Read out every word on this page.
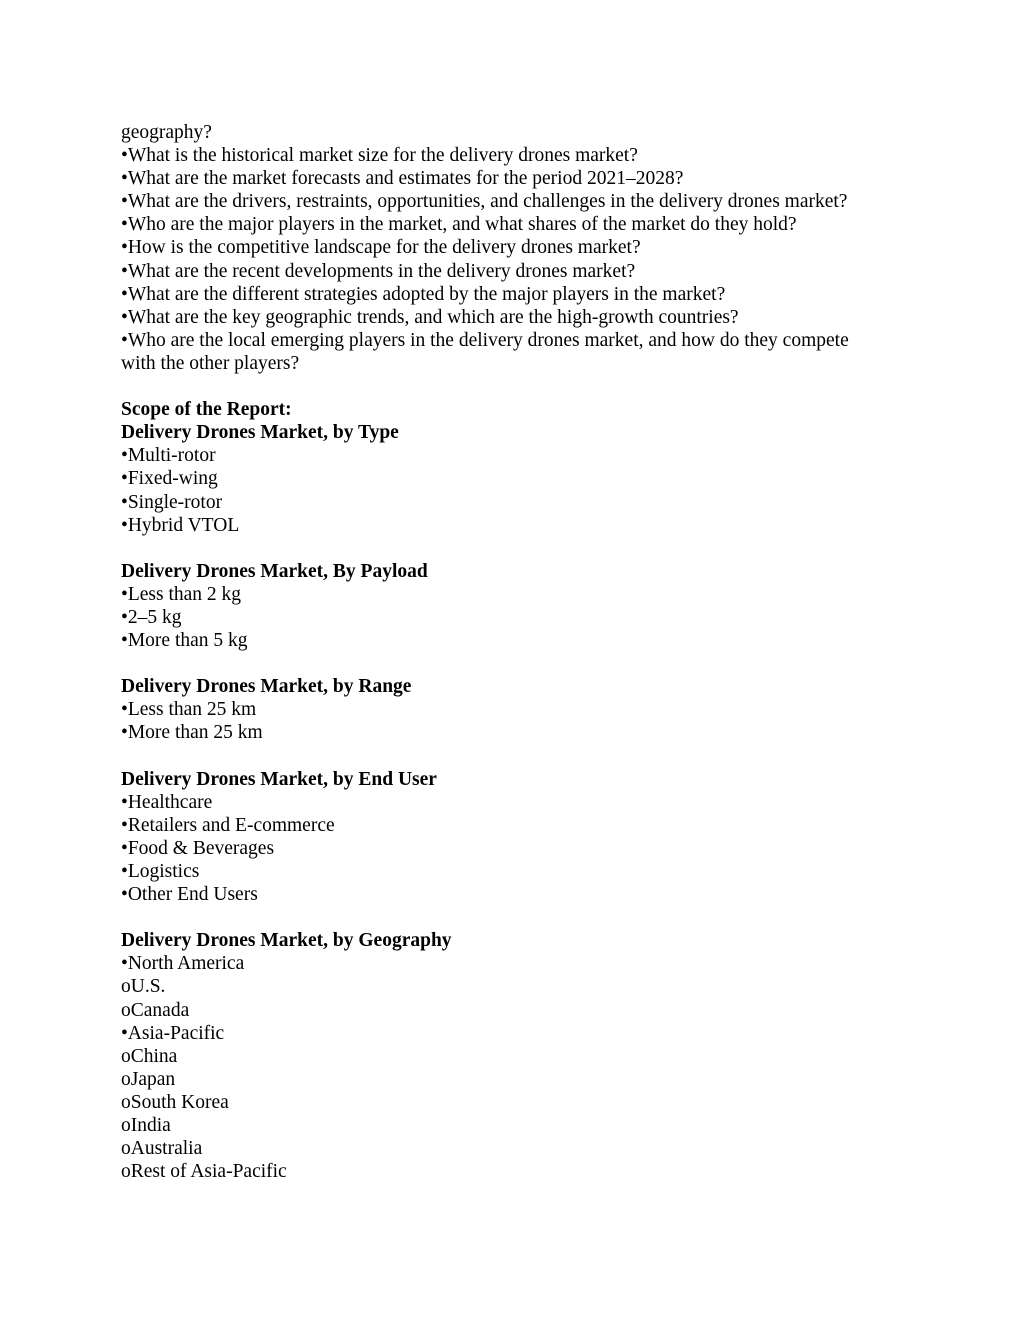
geography?

•What is the historical market size for the delivery drones market?

•What are the market forecasts and estimates for the period 2021–2028?

•What are the drivers, restraints, opportunities, and challenges in the delivery drones market?

•Who are the major players in the market, and what shares of the market do they hold?

•How is the competitive landscape for the delivery drones market?

•What are the recent developments in the delivery drones market?

•What are the different strategies adopted by the major players in the market?

•What are the key geographic trends, and which are the high-growth countries?

•Who are the local emerging players in the delivery drones market, and how do they compete

with the other players?

Scope of the Report:

Delivery Drones Market, by Type

•Multi-rotor

•Fixed-wing

•Single-rotor

•Hybrid VTOL

Delivery Drones Market, By Payload

•Less than 2 kg

•2–5 kg

•More than 5 kg

Delivery Drones Market, by Range

•Less than 25 km

•More than 25 km

Delivery Drones Market, by End User

•Healthcare

•Retailers and E-commerce

•Food & Beverages

•Logistics

•Other End Users

Delivery Drones Market, by Geography

•North America

oU.S.

oCanada

•Asia-Pacific

oChina

oJapan

oSouth Korea

oIndia

oAustralia

oRest of Asia-Pacific
